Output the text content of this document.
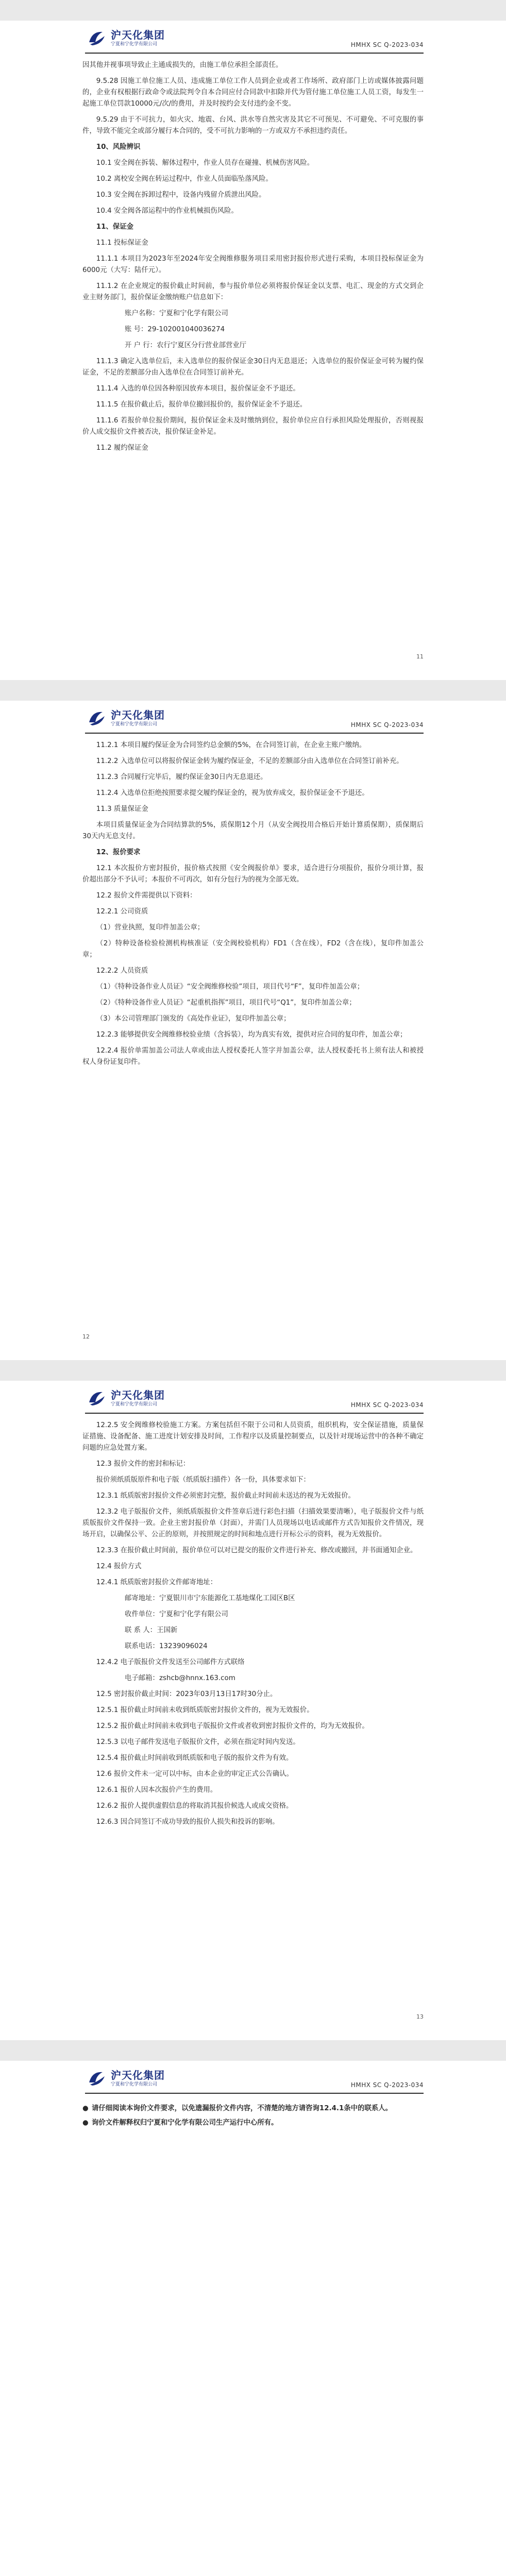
沪天化集团
宁夏和宁化学有限公司	HMHX SC Q-2023-034

因其他并视事项导致止主通成损失的，由施工单位承担全部责任。

9.5.28 因施工单位施工人员、违成施工单位工作人员到企业或者工作场所、政府部门上访或媒体披露问题的，企业有权根据行政命令或法院判令自本合同应付合同款中扣除并代为管付施工单位施工人员工资，每发生一起施工单位罚款10000元/次/的费用，并及时按约会支付违约金不变。

9.5.29 由于不可抗力，如火灾、地震、台风、洪水等自然灾害及其它不可预见、不可避免、不可克服的事件，导致不能完全或部分履行本合同的，受不可抗力影响的一方或双方不承担违约责任。

10、风险辨识

10.1 安全阀在拆装、解体过程中，作业人员存在碰撞、机械伤害风险。

10.2 离校安全阀在转运过程中，作业人员面临坠落风险。

10.3 安全阀在拆卸过程中，设备内残留介质泄出风险。

10.4 安全阀各部运程中的作业机械损伤风险。

11、保证金

11.1 投标保证金

11.1.1 本项目为2023年至2024年安全阀维修服务项目采用密封报价形式进行采购，本项目投标保证金为6000元（大写：陆仟元）。

11.1.2 在企业规定的报价截止时间前，参与报价单位必须将报价保证金以支票、电汇、现金的方式交到企业主财务部门，报价保证金缴纳账户信息如下：

账户名称：宁夏和宁化学有限公司

账 号：29-102001040036274

开 户 行：农行宁夏区分行营业部营业厅

11.1.3 确定入选单位后，未入选单位的报价保证金30日内无息退还；入选单位的报价保证金可转为履约保证金，不足的差额部分由入选单位在合同签订前补充。

11.1.4 入选的单位因各种原因放弃本项目，报价保证金不予退还。

11.1.5 在报价截止后，报价单位撤回报价的，报价保证金不予退还。

11.1.6 若报价单位报价期间，报价保证金未及时缴纳到位，报价单位应自行承担风险处理报价，否则视报价人成交报价文件被否决，报价保证金补足。

11.2 履约保证金

11
沪天化集团
宁夏和宁化学有限公司	HMHX SC Q-2023-034

11.2.1 本项目履约保证金为合同签约总金额的5%，在合同签订前，在企业主账户缴纳。

11.2.2 入选单位可以将报价保证金转为履约保证金，不足的差额部分由入选单位在合同签订前补充。

11.2.3 合同履行完毕后，履约保证金30日内无息退还。

11.2.4 入选单位拒绝按照要求提交履约保证金的，视为放弃成交，报价保证金不予退还。

11.3 质量保证金

本项目质量保证金为合同结算款的5%，质保期12个月（从安全阀投用合格后开始计算质保期），质保期后30天内无息支付。

12、报价要求

12.1 本次报价方密封报价，报价格式按照《安全阀报价单》要求，适合进行分项报价，报价分项计算，报价超出部分不予认可；本报价不可再次，如有分包行为的视为全部无效。

12.2 报价文件需提供以下资料：

12.2.1 公司资质

（1）营业执照，复印件加盖公章；

（2）特种设备检验检测机构核准证（安全阀校验机构）FD1（含在线），FD2（含在线），复印件加盖公章；

12.2.2 人员资质

（1）《特种设备作业人员证》“安全阀维修校验”项目，项目代号“F”，复印件加盖公章；

（2）《特种设备作业人员证》“起重机指挥”项目，项目代号“Q1”，复印件加盖公章；

（3）本公司管理部门颁发的《高处作业证》，复印件加盖公章；

12.2.3 能够提供安全阀维修校验业绩（含拆装），均为真实有效，提供对应合同的复印件，加盖公章；

12.2.4 报价单需加盖公司法人章或由法人授权委托人签字并加盖公章，法人授权委托书上须有法人和被授权人身份证复印件。

12
沪天化集团
宁夏和宁化学有限公司	HMHX SC Q-2023-034

12.2.5 安全阀维修校验施工方案。方案包括但不限于公司和人员资质，组织机构，安全保证措施，质量保证措施、设备配备、施工进度计划安排及时间，工作程序以及质量控制要点，以及针对现场运营中的各种不确定问题的应急处置方案。

12.3 报价文件的密封和标记：

报价须纸质版原件和电子版（纸质版扫描件）各一份，具体要求如下：

12.3.1 纸质版密封报价文件必须密封完整，报价截止时间前未送达的视为无效报价。

12.3.2 电子版报价文件，须纸质版报价文件签章后进行彩色扫描（扫描效果要清晰），电子版报价文件与纸质版报价文件保持一致。企业主密封报价单（封面），并需门人员现场以电话或邮件方式告知报价文件情况，现场开启，以确保公平、公正的原则，并按照规定的时间和地点进行开标公示的资料，视为无效报价。

12.3.3 在报价截止时间前，报价单位可以对已提交的报价文件进行补充、修改或撤回，并书面通知企业。

12.4 报价方式

12.4.1 纸质版密封报价文件邮寄地址：

邮寄地址：宁夏银川市宁东能源化工基地煤化工园区B区

收件单位：宁夏和宁化学有限公司

联 系 人：王国新

联系电话：13239096024

12.4.2 电子版报价文件发送至公司邮件方式联络

电子邮箱：zshcb@hnnx.163.com

12.5 密封报价截止时间：2023年03月13日17时30分止。

12.5.1 报价截止时间前未收到纸质版密封报价文件的，视为无效报价。

12.5.2 报价截止时间前未收到电子版报价文件或者收到密封报价文件的，均为无效报价。

12.5.3 以电子邮件发送电子版报价文件，必须在指定时间内发送。

12.5.4 报价截止时间前收到纸质版和电子版的报价文件为有效。

12.6 报价文件未一定可以中标，由本企业的审定正式公告确认。

12.6.1 报价人因本次报价产生的费用。

12.6.2 报价人提供虚假信息的将取消其报价候选人或成交资格。

12.6.3 因合同签订不成功导致的报价人损失和投诉的影响。

13
沪天化集团
宁夏和宁化学有限公司	HMHX SC Q-2023-034

● 请仔细阅读本询价文件要求，以免遗漏报价文件内容，不清楚的地方请咨询12.4.1条中的联系人。

● 询价文件解释权归宁夏和宁化学有限公司生产运行中心所有。
